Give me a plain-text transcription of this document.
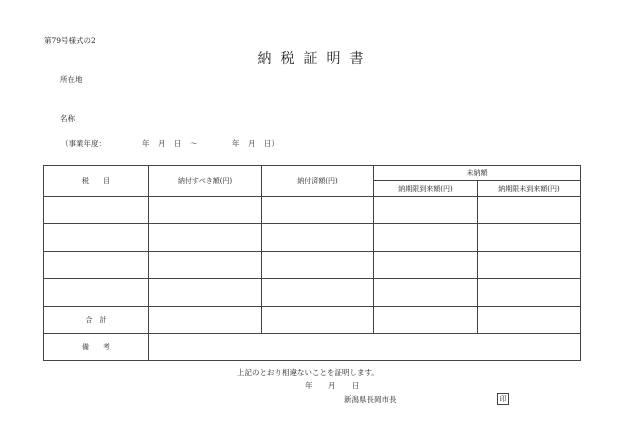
第79号様式の2
納税証明書
所在地
名称
（事業年度：	年 月 日 ～	年 月 日）
税　　目	納付すべき額(円)	納付済額(円)	未納額	
			納期限到来額(円)	納期限未到来額(円)

合　計				
備　　考				
上記のとおり相違ないことを証明します。
年 月 日
新潟県長岡市長	印
